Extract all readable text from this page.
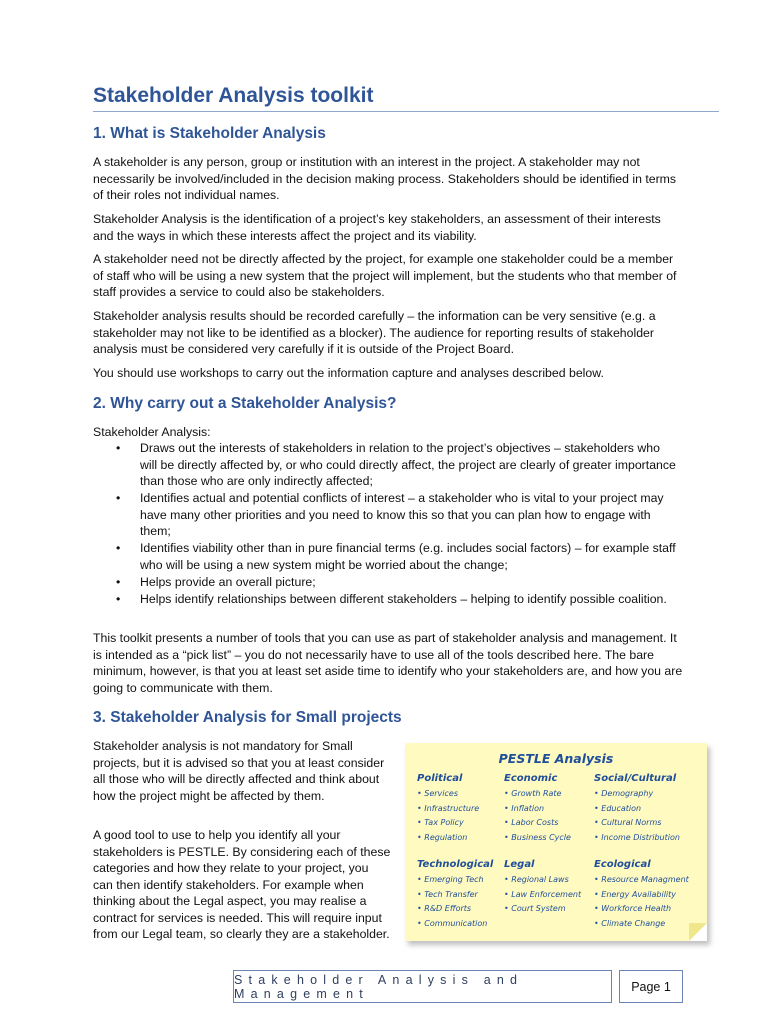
Stakeholder Analysis toolkit
1. What is Stakeholder Analysis

A stakeholder is any person, group or institution with an interest in the project. A stakeholder may not necessarily be involved/included in the decision making process. Stakeholders should be identified in terms of their roles not individual names.

Stakeholder Analysis is the identification of a project’s key stakeholders, an assessment of their interests and the ways in which these interests affect the project and its viability.

A stakeholder need not be directly affected by the project, for example one stakeholder could be a member of staff who will be using a new system that the project will implement, but the students who that member of staff provides a service to could also be stakeholders.

Stakeholder analysis results should be recorded carefully – the information can be very sensitive (e.g. a stakeholder may not like to be identified as a blocker). The audience for reporting results of stakeholder analysis must be considered very carefully if it is outside of the Project Board.

You should use workshops to carry out the information capture and analyses described below.

2. Why carry out a Stakeholder Analysis?

Stakeholder Analysis:

• Draws out the interests of stakeholders in relation to the project’s objectives – stakeholders who will be directly affected by, or who could directly affect, the project are clearly of greater importance than those who are only indirectly affected;
• Identifies actual and potential conflicts of interest – a stakeholder who is vital to your project may have many other priorities and you need to know this so that you can plan how to engage with them;
• Identifies viability other than in pure financial terms (e.g. includes social factors) – for example staff who will be using a new system might be worried about the change;
• Helps provide an overall picture;
• Helps identify relationships between different stakeholders – helping to identify possible coalition.

This toolkit presents a number of tools that you can use as part of stakeholder analysis and management. It is intended as a “pick list” – you do not necessarily have to use all of the tools described here. The bare minimum, however, is that you at least set aside time to identify who your stakeholders are, and how you are going to communicate with them.

3. Stakeholder Analysis for Small projects

Stakeholder analysis is not mandatory for Small projects, but it is advised so that you at least consider all those who will be directly affected and think about how the project might be affected by them.

A good tool to use to help you identify all your stakeholders is PESTLE. By considering each of these categories and how they relate to your project, you can then identify stakeholders. For example when thinking about the Legal aspect, you may realise a contract for services is needed. This will require input from our Legal team, so clearly they are a stakeholder.

PESTLE Analysis
Political
• Services
• Infrastructure
• Tax Policy
• Regulation
Economic
• Growth Rate
• Inflation
• Labor Costs
• Business Cycle
Social/Cultural
• Demography
• Education
• Cultural Norms
• Income Distribution
Technological
• Emerging Tech
• Tech Transfer
• R&D Efforts
• Communication
Legal
• Regional Laws
• Law Enforcement
• Court System
Ecological
• Resource Managment
• Energy Availability
• Workforce Health
• Climate Change
Stakeholder Analysis and Management	Page 1
